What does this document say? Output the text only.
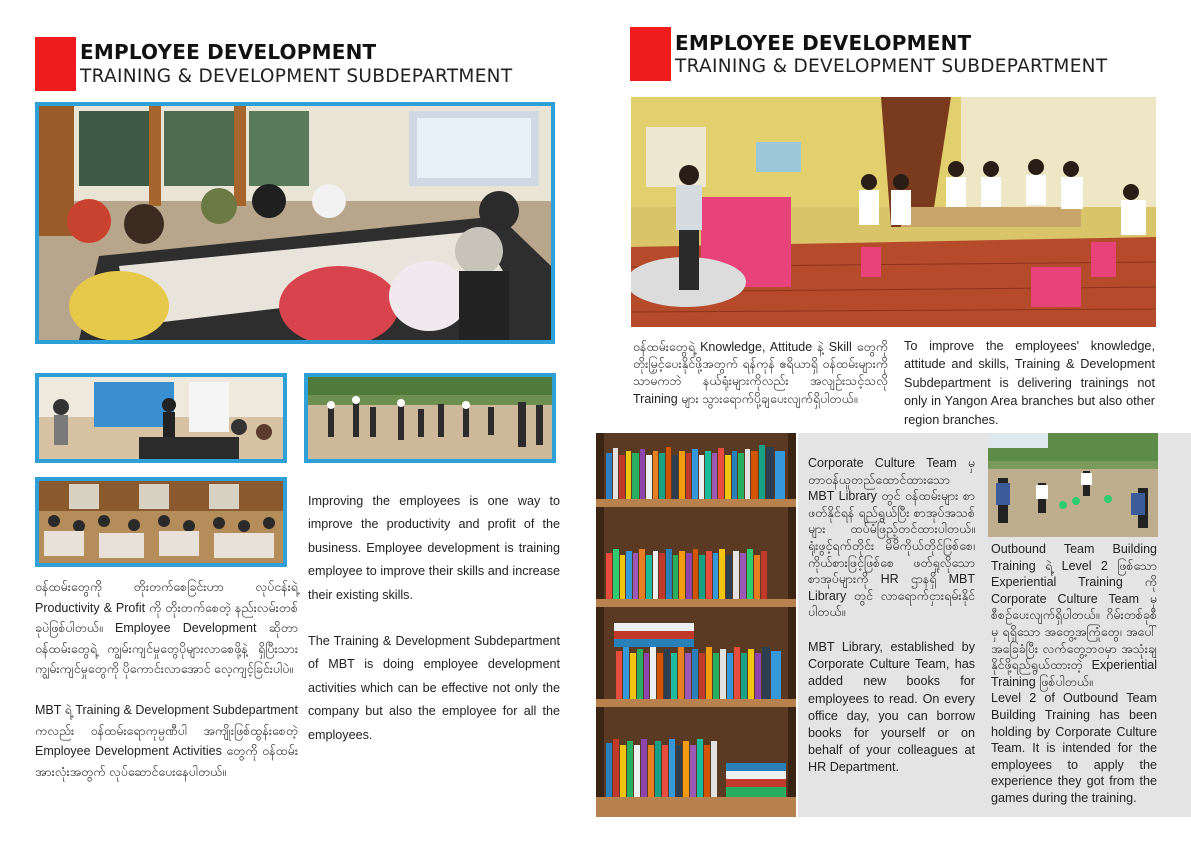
EMPLOYEE DEVELOPMENT
TRAINING & DEVELOPMENT SUBDEPARTMENT

ဝန်ထမ်းတွေကို တိုးတက်စေခြင်းဟာ လုပ်ငန်းရဲ့ Productivity & Profit ကို တိုးတက်စေတဲ့ နည်းလမ်းတစ်ခုပဲဖြစ်ပါတယ်။ Employee Development ဆိုတာ ဝန်ထမ်းတွေရဲ့ ကျွမ်းကျင်မှုတွေပိုများလာစေဖို့နဲ့ ရှိပြီးသားကျွမ်းကျင်မှုတွေကို ပိုကောင်းလာအောင် လေ့ကျင့်ခြင်းပါပဲ။

MBT ရဲ့ Training & Development Subdepartment ကလည်း ဝန်ထမ်းရောကုမ္ပဏီပါ အကျိုးဖြစ်ထွန်းစေတဲ့ Employee Development Activities တွေကို ဝန်ထမ်းအားလုံးအတွက် လုပ်ဆောင်ပေးနေပါတယ်။

Improving the employees is one way to improve the productivity and profit of the business. Employee development is training employee to improve their skills and increase their existing skills.

The Training & Development Subdepartment of MBT is doing employee development activities which can be effective not only the company but also the employee for all the employees.

EMPLOYEE DEVELOPMENT
TRAINING & DEVELOPMENT SUBDEPARTMENT

ဝန်ထမ်းတွေရဲ့ Knowledge, Attitude နဲ့ Skill တွေကို တိုးမြှင့်ပေးနိုင်ဖို့အတွက် ရန်ကုန် ဧရိယာရှိ ဝန်ထမ်းများကိုသာမကဘဲ နယ်ရုံးများကိုလည်း အလျဉ်းသင့်သလို Training များ သွားရောက်ပို့ချပေးလျက်ရှိပါတယ်။

To improve the employees' knowledge, attitude and skills, Training & Development Subdepartment is delivering trainings not only in Yangon Area branches but also other region branches.

Corporate Culture Team မှ တာဝန်ယူတည်ထောင်ထားသော MBT Library တွင် ဝန်ထမ်းများ စာဖတ်နိုင်ရန် ရည်ရွယ်ပြီး စာအုပ်အသစ်များ ထပ်မံဖြည့်တင်ထားပါတယ်။ ရုံးဖွင့်ရက်တိုင်း မိမိကိုယ်တိုင်ဖြစ်စေ၊ ကိုယ်စားဖြင့်ဖြစ်စေ ဖတ်ရှုလိုသော စာအုပ်များကို HR ဌာနရှိ MBT Library တွင် လာရောက်ငှားရမ်းနိုင်ပါတယ်။

MBT Library, established by Corporate Culture Team, has added new books for employees to read. On every office day, you can borrow books for yourself or on behalf of your colleagues at HR Department.

Outbound Team Building Training ရဲ့ Level 2 ဖြစ်သော Experiential Training ကို Corporate Culture Team မှ စီစဉ်ပေးလျက်ရှိပါတယ်။ ဂိမ်းတစ်ခုစီမှ ရရှိသော အတွေ့အကြုံတွေ၊ အပေါ်အခြေခံပြီး လက်တွေ့ဘဝမှာ အသုံးချနိုင်ဖို့ရည်ရွယ်ထားတဲ့ Experiential Training ဖြစ်ပါတယ်။

Level 2 of Outbound Team Building Training has been holding by Corporate Culture Team. It is intended for the employees to apply the experience they got from the games during the training.
